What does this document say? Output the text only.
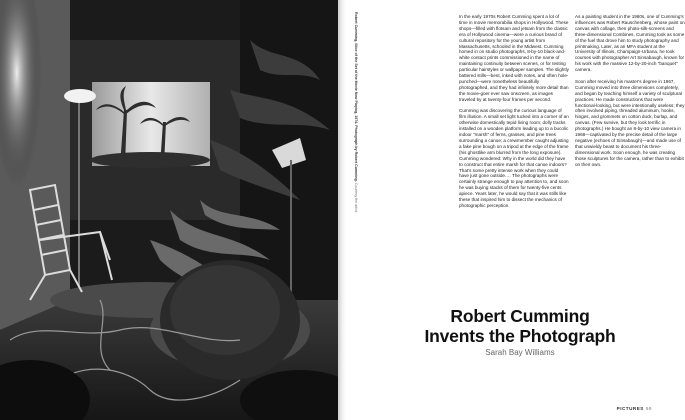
Robert Cumming, Slice of the Set of the Movie Now Playing, 1974. Photograph by Robert Cumming. Courtesy the artist.

In the early 1970s Robert Cumming spent a lot of time in movie memorabilia shops in Hollywood. These shops—filled with flotsam and jetsam from the classic era of Hollywood cinema—were a curious brand of cultural repository for the young artist from Massachusetts, schooled in the Midwest. Cumming homed in on studio photographs, 8-by-10 black-and-white contact prints commissioned in the name of maintaining continuity between scenes, or for testing particular hairstyles or wallpaper samples. The slightly battered stills—bent, inked with notes, and often hole-punched—were nonetheless beautifully photographed, and they had infinitely more detail than the movie-goer ever saw onscreen, as images traveled by at twenty-four frames per second.

Cumming was discovering the curious language of film illusion. A small set light tucked into a corner of an otherwise domestically tepid living room; dolly tracks installed on a wooden platform leading up to a bucolic indoor "marsh" of ferns, grasses, and pine trees surrounding a canoe; a crewmember caught adjusting a fake pine bough on a tripod at the edge of the frame (his ghostlike arm blurred from the long exposure). Cumming wondered: Why in the world did they have to construct that entire marsh for that canoe indoors? That's some pretty intense work when they could have just gone outside.… The photographs were certainly strange enough to pay attention to, and soon he was buying stacks of them for twenty-five cents apiece. Years later, he would say that it was stills like these that inspired him to dissect the mechanics of photographic perception.

As a painting student in the 1960s, one of Cumming's influences was Robert Rauschenberg, whose paint on canvas with collage, then photo-silk-screens and three-dimensional Combines, Cumming took as some of the fuel that drove him to study photography and printmaking. Later, as an MFA student at the University of Illinois, Champaign-Urbana, he took courses with photographer Art Sinsabaugh, known for his work with the massive 12-by-20-inch "banquet" camera.

Soon after receiving his master's degree in 1967, Cumming moved into three dimensions completely, and began by teaching himself a variety of sculptural practices. He made constructions that were functional-looking, but were intentionally useless; they often involved piping, threaded aluminum, hooks, hinges, and grommets on cotton duck, burlap, and canvas. (Few survive, but they look terrific in photographs.) He bought an 8-by-10 view camera in 1968—captivated by the precise detail of the large negative (echoes of Sinsabaugh)—and made use of that unwieldy beast to document his three-dimensional work. Soon enough, he was creating those sculptures for the camera, rather than to exhibit on their own.

Robert Cumming
Invents the Photograph
Sarah Bay Williams
PICTURES 99
